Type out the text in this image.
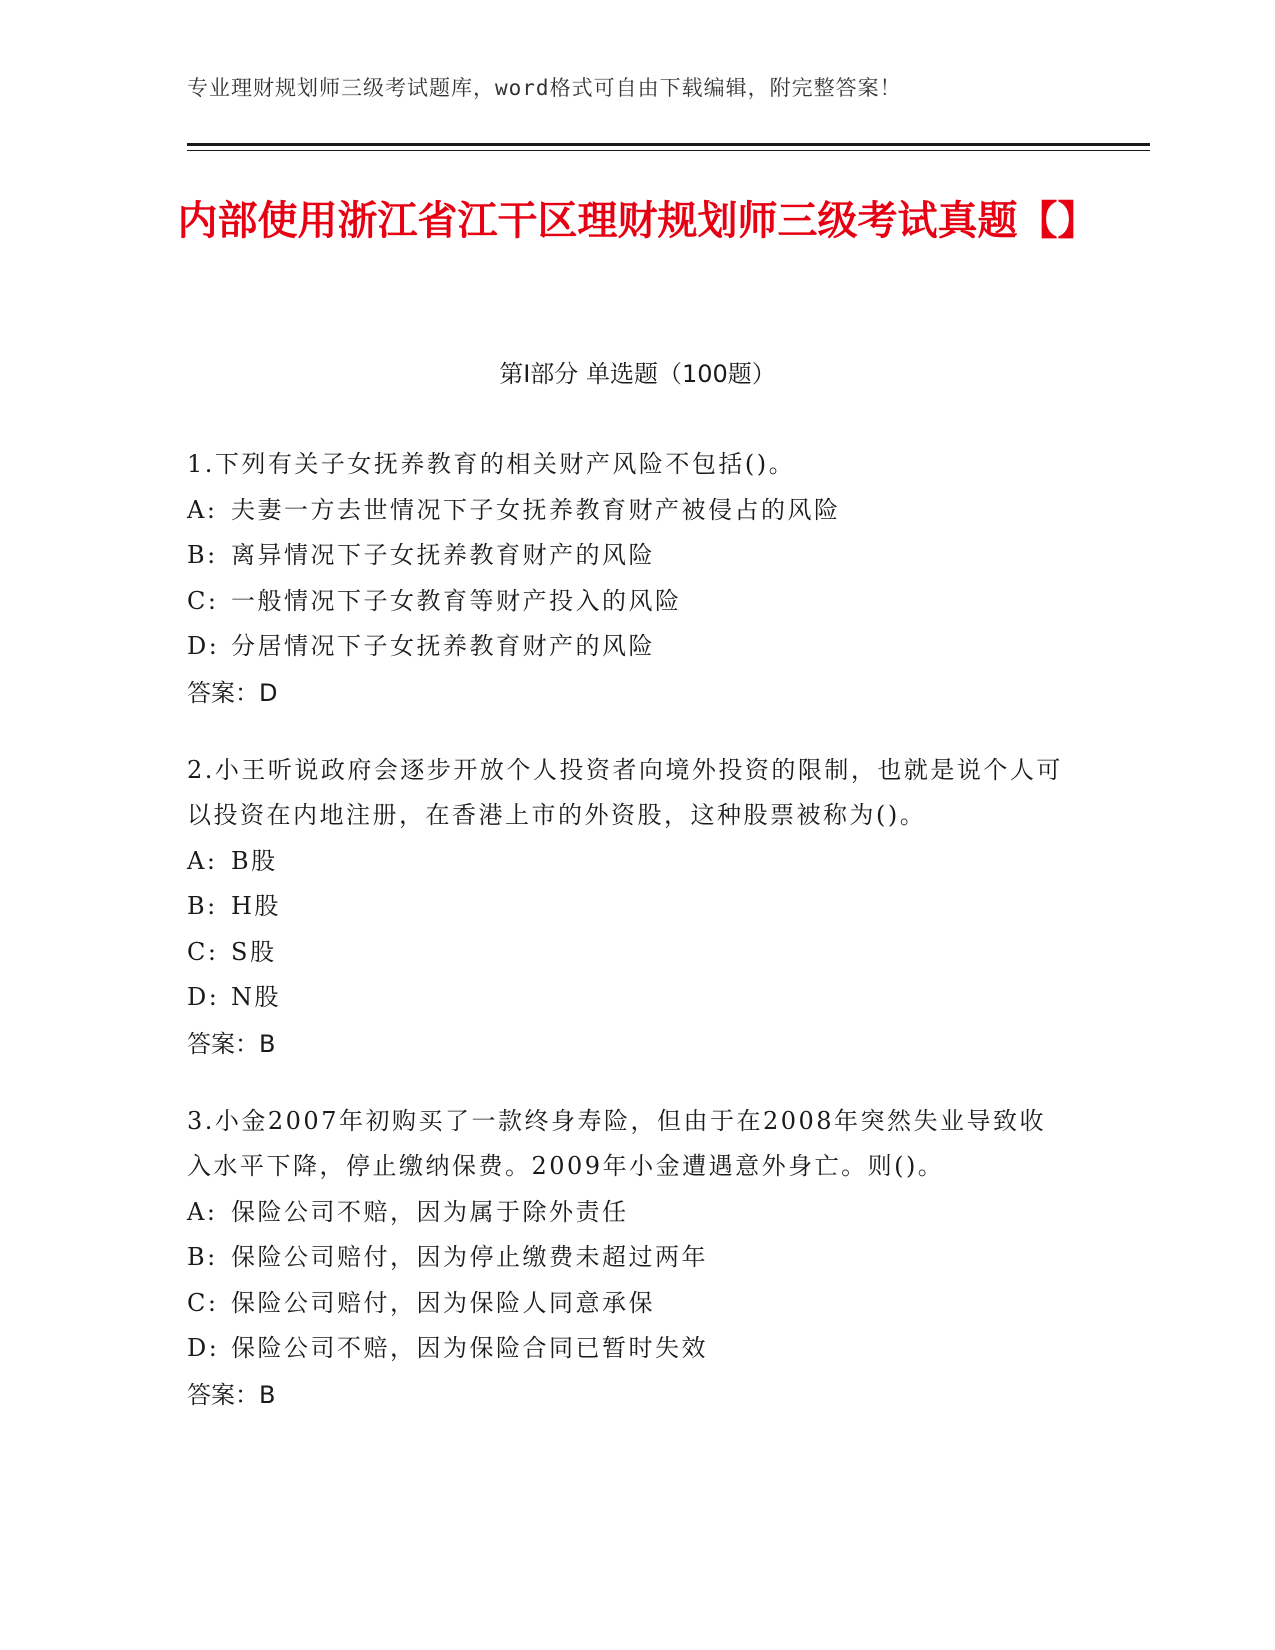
专业理财规划师三级考试题库，word格式可自由下载编辑，附完整答案！
内部使用浙江省江干区理财规划师三级考试真题【】
第Ⅰ部分 单选题（100题）
1.下列有关子女抚养教育的相关财产风险不包括()。
A: 夫妻一方去世情况下子女抚养教育财产被侵占的风险
B: 离异情况下子女抚养教育财产的风险
C: 一般情况下子女教育等财产投入的风险
D: 分居情况下子女抚养教育财产的风险
答案：D
2.小王听说政府会逐步开放个人投资者向境外投资的限制，也就是说个人可以投资在内地注册，在香港上市的外资股，这种股票被称为()。
A: B股
B: H股
C: S股
D: N股
答案：B
3.小金2007年初购买了一款终身寿险，但由于在2008年突然失业导致收入水平下降，停止缴纳保费。2009年小金遭遇意外身亡。则()。
A: 保险公司不赔，因为属于除外责任
B: 保险公司赔付，因为停止缴费未超过两年
C: 保险公司赔付，因为保险人同意承保
D: 保险公司不赔，因为保险合同已暂时失效
答案：B
